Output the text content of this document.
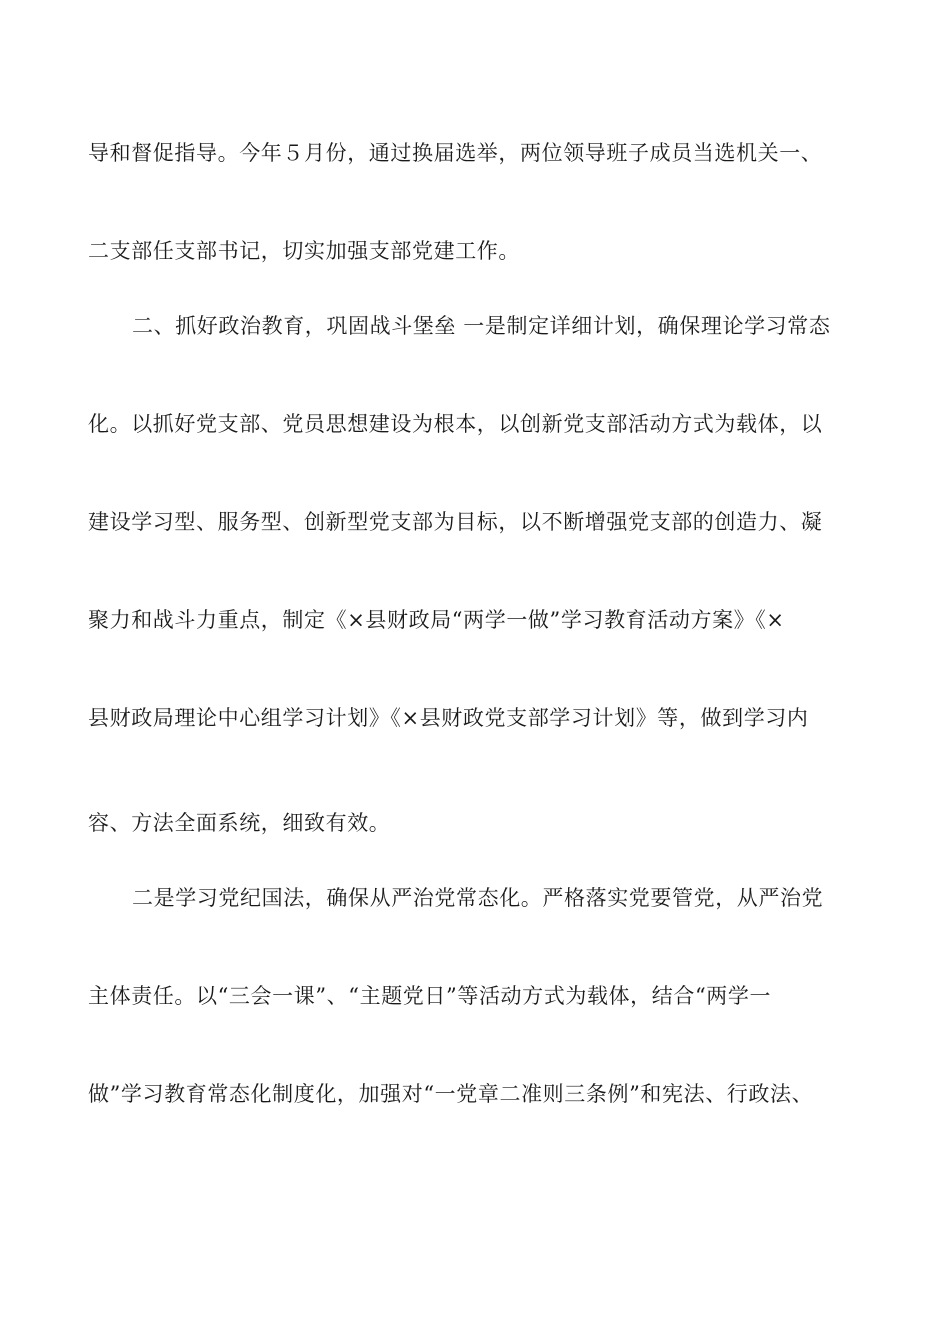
导和督促指导。今年５月份，通过换届选举，两位领导班子成员当选机关一、
二支部任支部书记，切实加强支部党建工作。
二、抓好政治教育，巩固战斗堡垒 一是制定详细计划，确保理论学习常态
化。以抓好党支部、党员思想建设为根本，以创新党支部活动方式为载体，以
建设学习型、服务型、创新型党支部为目标，以不断增强党支部的创造力、凝
聚力和战斗力重点，制定《×县财政局“两学一做”学习教育活动方案》《×
县财政局理论中心组学习计划》《×县财政党支部学习计划》等，做到学习内
容、方法全面系统，细致有效。
二是学习党纪国法，确保从严治党常态化。严格落实党要管党，从严治党
主体责任。以“三会一课”、“主题党日”等活动方式为载体，结合“两学一
做”学习教育常态化制度化，加强对“一党章二准则三条例”和宪法、行政法、
